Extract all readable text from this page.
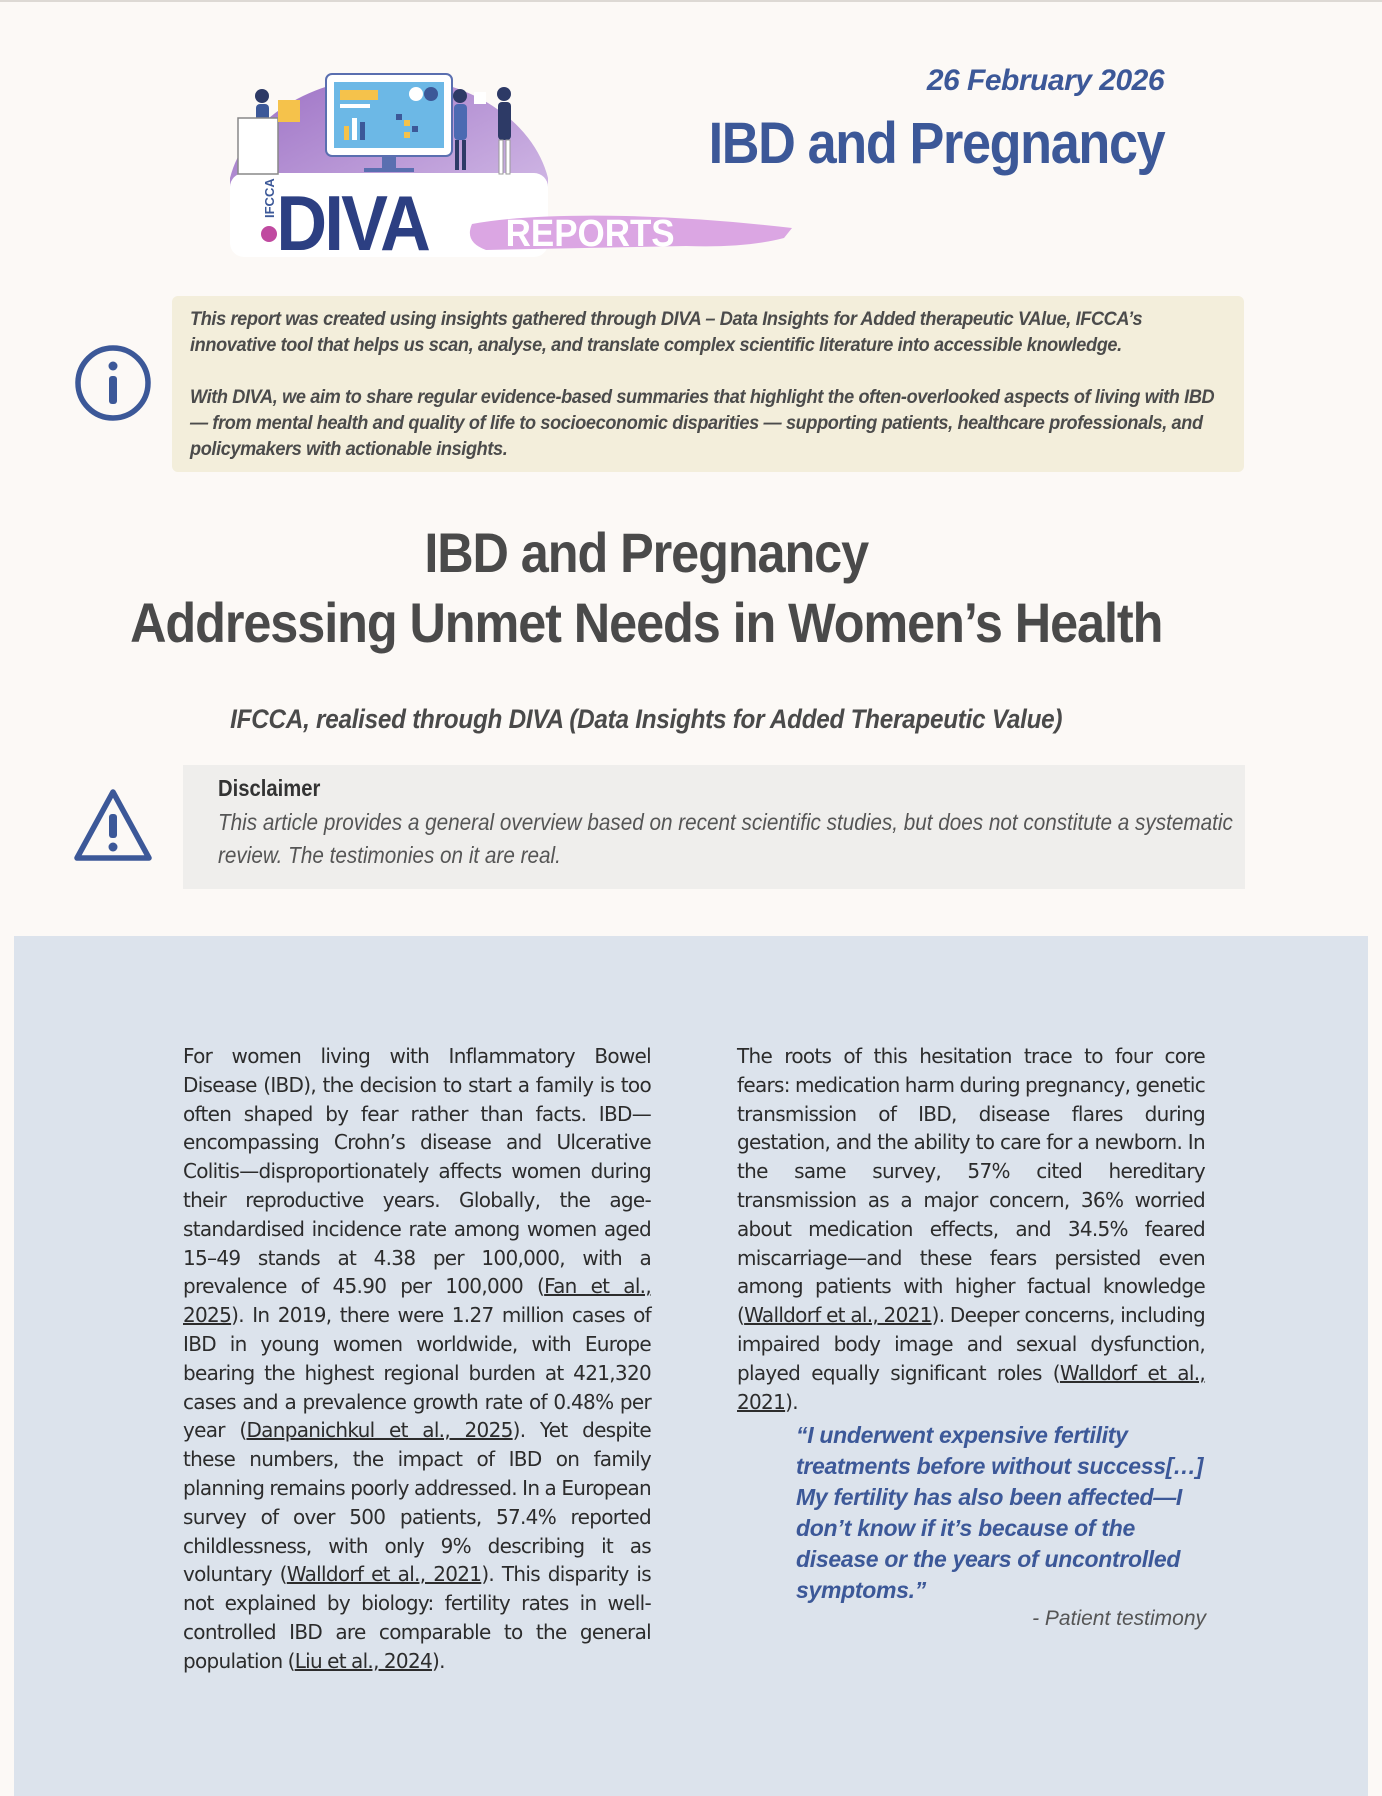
IFCCA DIVA REPORTS
26 February 2026
IBD and Pregnancy

This report was created using insights gathered through DIVA – Data Insights for Added therapeutic VAlue, IFCCA’s innovative tool that helps us scan, analyse, and translate complex scientific literature into accessible knowledge.

With DIVA, we aim to share regular evidence-based summaries that highlight the often-overlooked aspects of living with IBD — from mental health and quality of life to socioeconomic disparities — supporting patients, healthcare professionals, and policymakers with actionable insights.

IBD and Pregnancy
Addressing Unmet Needs in Women’s Health
IFCCA, realised through DIVA (Data Insights for Added Therapeutic Value)
Disclaimer

This article provides a general overview based on recent scientific studies, but does not constitute a systematic review. The testimonies on it are real.

For women living with Inflammatory Bowel Disease (IBD), the decision to start a family is too often shaped by fear rather than facts. IBD—encompassing Crohn’s disease and Ulcerative Colitis—disproportionately affects women during their reproductive years. Globally, the age-standardised incidence rate among women aged 15–49 stands at 4.38 per 100,000, with a prevalence of 45.90 per 100,000 (Fan et al., 2025). In 2019, there were 1.27 million cases of IBD in young women worldwide, with Europe bearing the highest regional burden at 421,320 cases and a prevalence growth rate of 0.48% per year (Danpanichkul et al., 2025). Yet despite these numbers, the impact of IBD on family planning remains poorly addressed. In a European survey of over 500 patients, 57.4% reported childlessness, with only 9% describing it as voluntary (Walldorf et al., 2021). This disparity is not explained by biology: fertility rates in well-controlled IBD are comparable to the general population (Liu et al., 2024).
The roots of this hesitation trace to four core fears: medication harm during pregnancy, genetic transmission of IBD, disease flares during gestation, and the ability to care for a newborn. In the same survey, 57% cited hereditary transmission as a major concern, 36% worried about medication effects, and 34.5% feared miscarriage—and these fears persisted even among patients with higher factual knowledge (Walldorf et al., 2021). Deeper concerns, including impaired body image and sexual dysfunction, played equally significant roles (Walldorf et al., 2021).
“I underwent expensive fertility treatments before without success[…] My fertility has also been affected—I don’t know if it’s because of the disease or the years of uncontrolled symptoms.”
- Patient testimony
